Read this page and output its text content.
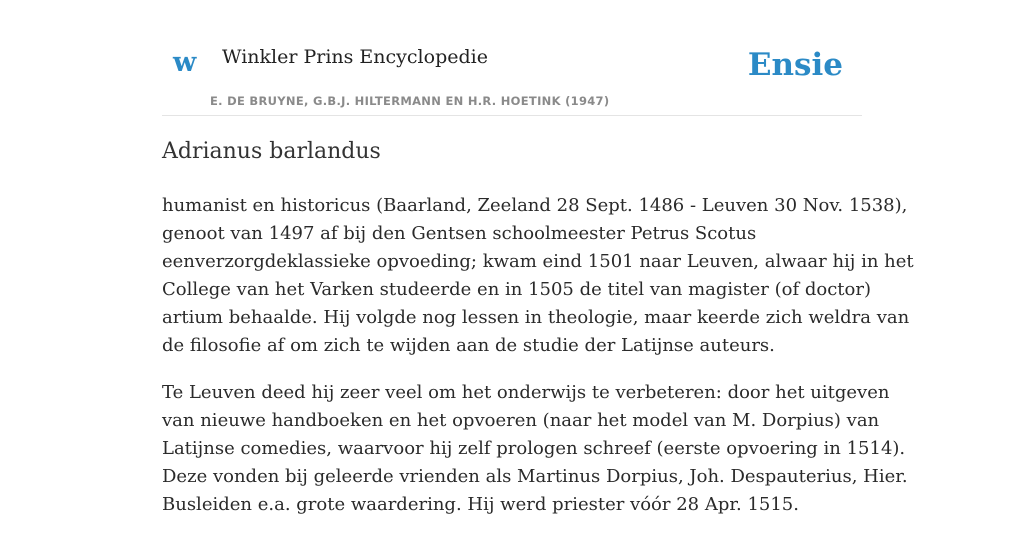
w Winkler Prins Encyclopedie
E. DE BRUYNE, G.B.J. HILTERMANN EN H.R. HOETINK (1947)
Ensie
Adrianus barlandus

humanist en historicus (Baarland, Zeeland 28 Sept. 1486 - Leuven 30 Nov. 1538),
genoot van 1497 af bij den Gentsen schoolmeester Petrus Scotus
eenverzorgdeklassieke opvoeding; kwam eind 1501 naar Leuven, alwaar hij in het
College van het Varken studeerde en in 1505 de titel van magister (of doctor)
artium behaalde. Hij volgde nog lessen in theologie, maar keerde zich weldra van
de filosofie af om zich te wijden aan de studie der Latijnse auteurs.

Te Leuven deed hij zeer veel om het onderwijs te verbeteren: door het uitgeven
van nieuwe handboeken en het opvoeren (naar het model van M. Dorpius) van
Latijnse comedies, waarvoor hij zelf prologen schreef (eerste opvoering in 1514).
Deze vonden bij geleerde vrienden als Martinus Dorpius, Joh. Despauterius, Hier.
Busleiden e.a. grote waardering. Hij werd priester vóór 28 Apr. 1515.
